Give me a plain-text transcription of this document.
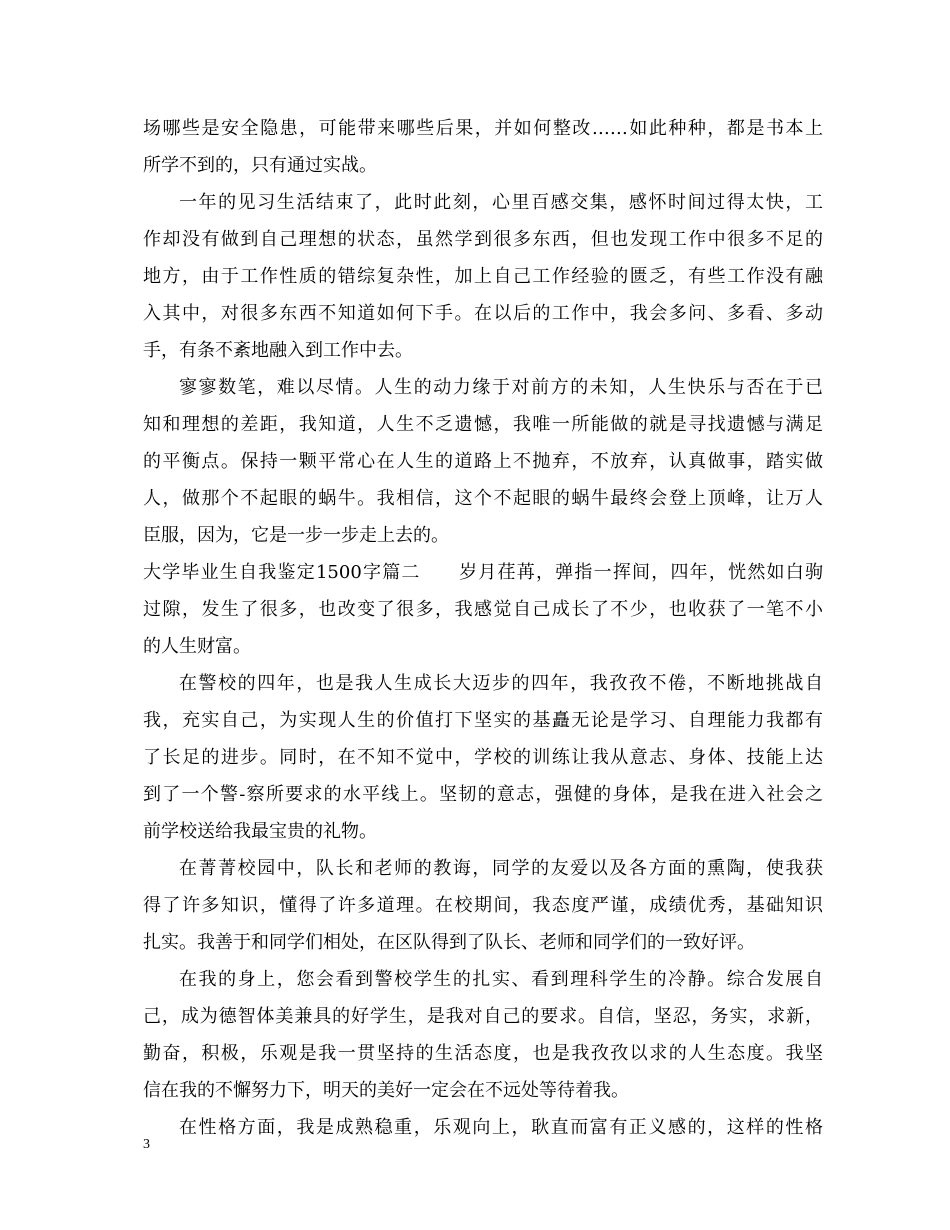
场哪些是安全隐患，可能带来哪些后果，并如何整改……如此种种，都是书本上

所学不到的，只有通过实战。

一年的见习生活结束了，此时此刻，心里百感交集，感怀时间过得太快，工

作却没有做到自己理想的状态，虽然学到很多东西，但也发现工作中很多不足的

地方，由于工作性质的错综复杂性，加上自己工作经验的匮乏，有些工作没有融

入其中，对很多东西不知道如何下手。在以后的工作中，我会多问、多看、多动

手，有条不紊地融入到工作中去。

寥寥数笔，难以尽情。人生的动力缘于对前方的未知，人生快乐与否在于已

知和理想的差距，我知道，人生不乏遗憾，我唯一所能做的就是寻找遗憾与满足

的平衡点。保持一颗平常心在人生的道路上不抛弃，不放弃，认真做事，踏实做

人，做那个不起眼的蜗牛。我相信，这个不起眼的蜗牛最终会登上顶峰，让万人

臣服，因为，它是一步一步走上去的。

大学毕业生自我鉴定1500字篇二　　岁月荏苒，弹指一挥间，四年，恍然如白驹

过隙，发生了很多，也改变了很多，我感觉自己成长了不少，也收获了一笔不小

的人生财富。

在警校的四年，也是我人生成长大迈步的四年，我孜孜不倦，不断地挑战自

我，充实自己，为实现人生的价值打下坚实的基矗无论是学习、自理能力我都有

了长足的进步。同时，在不知不觉中，学校的训练让我从意志、身体、技能上达

到了一个警-察所要求的水平线上。坚韧的意志，强健的身体，是我在进入社会之

前学校送给我最宝贵的礼物。

在菁菁校园中，队长和老师的教诲，同学的友爱以及各方面的熏陶，使我获

得了许多知识，懂得了许多道理。在校期间，我态度严谨，成绩优秀，基础知识

扎实。我善于和同学们相处，在区队得到了队长、老师和同学们的一致好评。

在我的身上，您会看到警校学生的扎实、看到理科学生的冷静。综合发展自

己，成为德智体美兼具的好学生，是我对自己的要求。自信，坚忍，务实，求新，

勤奋，积极，乐观是我一贯坚持的生活态度，也是我孜孜以求的人生态度。我坚

信在我的不懈努力下，明天的美好一定会在不远处等待着我。

在性格方面，我是成熟稳重，乐观向上，耿直而富有正义感的，这样的性格

3
